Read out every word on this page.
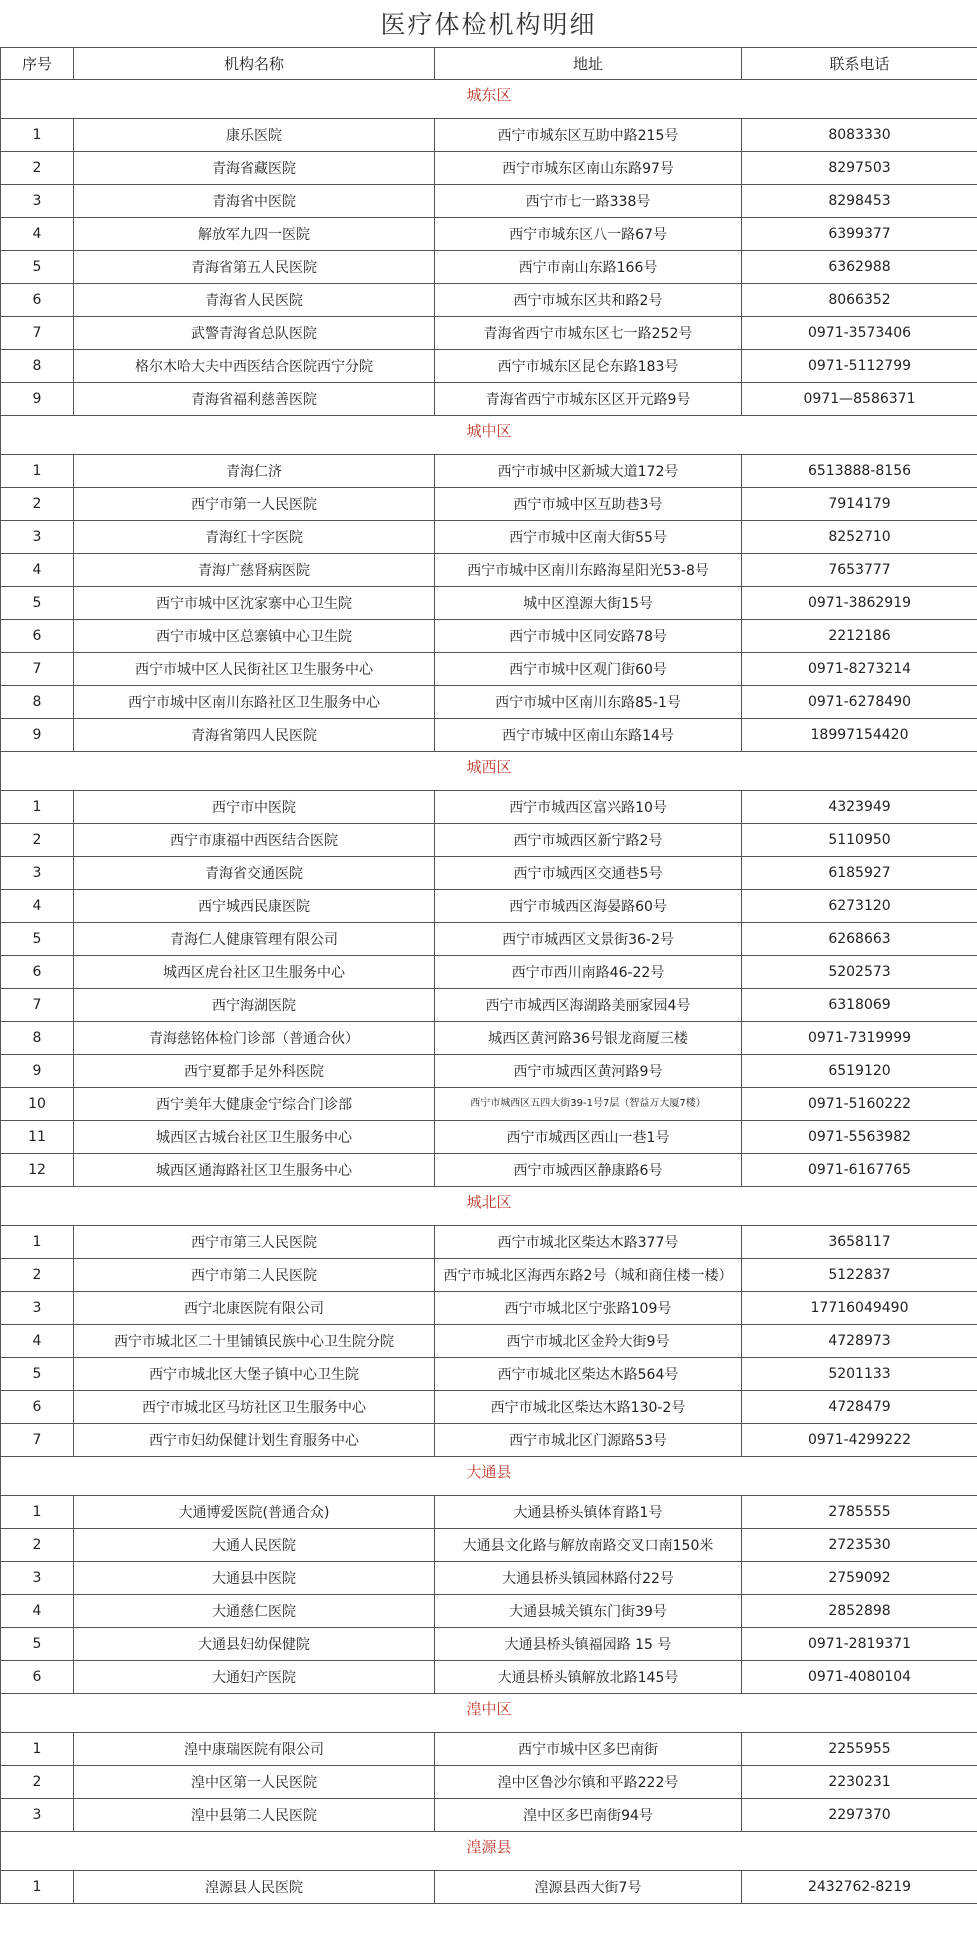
医疗体检机构明细
序号	机构名称	地址	联系电话
城东区			
1	康乐医院	西宁市城东区互助中路215号	8083330
2	青海省藏医院	西宁市城东区南山东路97号	8297503
3	青海省中医院	西宁市七一路338号	8298453
4	解放军九四一医院	西宁市城东区八一路67号	6399377
5	青海省第五人民医院	西宁市南山东路166号	6362988
6	青海省人民医院	西宁市城东区共和路2号	8066352
7	武警青海省总队医院	青海省西宁市城东区七一路252号	0971-3573406
8	格尔木哈大夫中西医结合医院西宁分院	西宁市城东区昆仑东路183号	0971-5112799
9	青海省福利慈善医院	青海省西宁市城东区区开元路9号	0971—8586371
城中区			
1	青海仁济	西宁市城中区新城大道172号	6513888-8156
2	西宁市第一人民医院	西宁市城中区互助巷3号	7914179
3	青海红十字医院	西宁市城中区南大街55号	8252710
4	青海广慈肾病医院	西宁市城中区南川东路海星阳光53-8号	7653777
5	西宁市城中区沈家寨中心卫生院	城中区湟源大街15号	0971-3862919
6	西宁市城中区总寨镇中心卫生院	西宁市城中区同安路78号	2212186
7	西宁市城中区人民街社区卫生服务中心	西宁市城中区观门街60号	0971-8273214
8	西宁市城中区南川东路社区卫生服务中心	西宁市城中区南川东路85-1号	0971-6278490
9	青海省第四人民医院	西宁市城中区南山东路14号	18997154420
城西区			
1	西宁市中医院	西宁市城西区富兴路10号	4323949
2	西宁市康福中西医结合医院	西宁市城西区新宁路2号	5110950
3	青海省交通医院	西宁市城西区交通巷5号	6185927
4	西宁城西民康医院	西宁市城西区海晏路60号	6273120
5	青海仁人健康管理有限公司	西宁市城西区文景街36-2号	6268663
6	城西区虎台社区卫生服务中心	西宁市西川南路46-22号	5202573
7	西宁海湖医院	西宁市城西区海湖路美丽家园4号	6318069
8	青海慈铭体检门诊部（普通合伙）	城西区黄河路36号银龙商厦三楼	0971-7319999
9	西宁夏都手足外科医院	西宁市城西区黄河路9号	6519120
10	西宁美年大健康金宁综合门诊部	西宁市城西区五四大街39-1号7层（智益万大厦7楼）	0971-5160222
11	城西区古城台社区卫生服务中心	西宁市城西区西山一巷1号	0971-5563982
12	城西区通海路社区卫生服务中心	西宁市城西区静康路6号	0971-6167765
城北区			
1	西宁市第三人民医院	西宁市城北区柴达木路377号	3658117
2	西宁市第二人民医院	西宁市城北区海西东路2号（城和商住楼一楼）	5122837
3	西宁北康医院有限公司	西宁市城北区宁张路109号	17716049490
4	西宁市城北区二十里铺镇民族中心卫生院分院	西宁市城北区金羚大街9号	4728973
5	西宁市城北区大堡子镇中心卫生院	西宁市城北区柴达木路564号	5201133
6	西宁市城北区马坊社区卫生服务中心	西宁市城北区柴达木路130-2号	4728479
7	西宁市妇幼保健计划生育服务中心	西宁市城北区门源路53号	0971-4299222
大通县			
1	大通博爱医院(普通合众)	大通县桥头镇体育路1号	2785555
2	大通人民医院	大通县文化路与解放南路交叉口南150米	2723530
3	大通县中医院	大通县桥头镇园林路付22号	2759092
4	大通慈仁医院	大通县城关镇东门街39号	2852898
5	大通县妇幼保健院	大通县桥头镇福园路 15 号	0971-2819371
6	大通妇产医院	大通县桥头镇解放北路145号	0971-4080104
湟中区			
1	湟中康瑞医院有限公司	西宁市城中区多巴南街	2255955
2	湟中区第一人民医院	湟中区鲁沙尔镇和平路222号	2230231
3	湟中县第二人民医院	湟中区多巴南街94号	2297370
湟源县			
1	湟源县人民医院	湟源县西大街7号	2432762-8219
